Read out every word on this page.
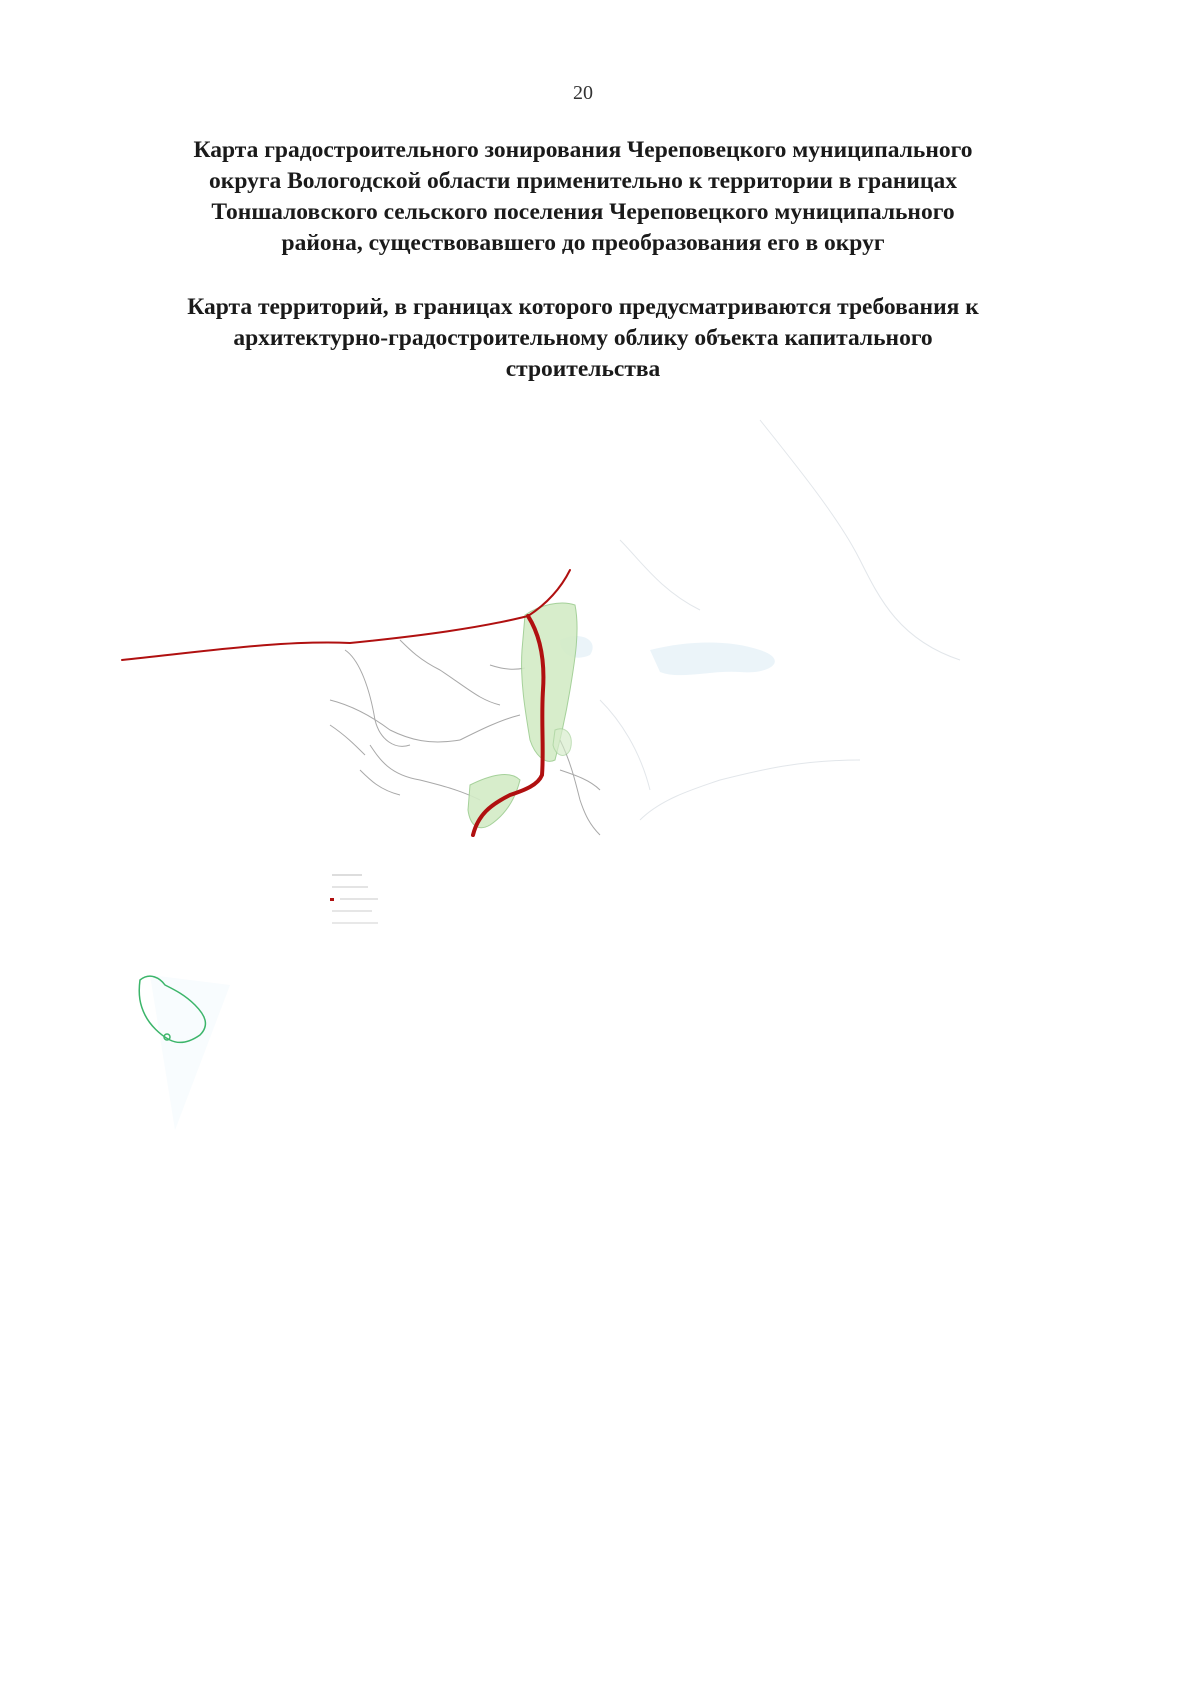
20
Карта градостроительного зонирования Череповецкого муниципального
округа Вологодской области применительно к территории в границах
Тоншаловского сельского поселения Череповецкого муниципального
района, существовавшего до преобразования его в округ
Карта территорий, в границах которого предусматриваются требования к
архитектурно-градостроительному облику объекта капитального
строительства
